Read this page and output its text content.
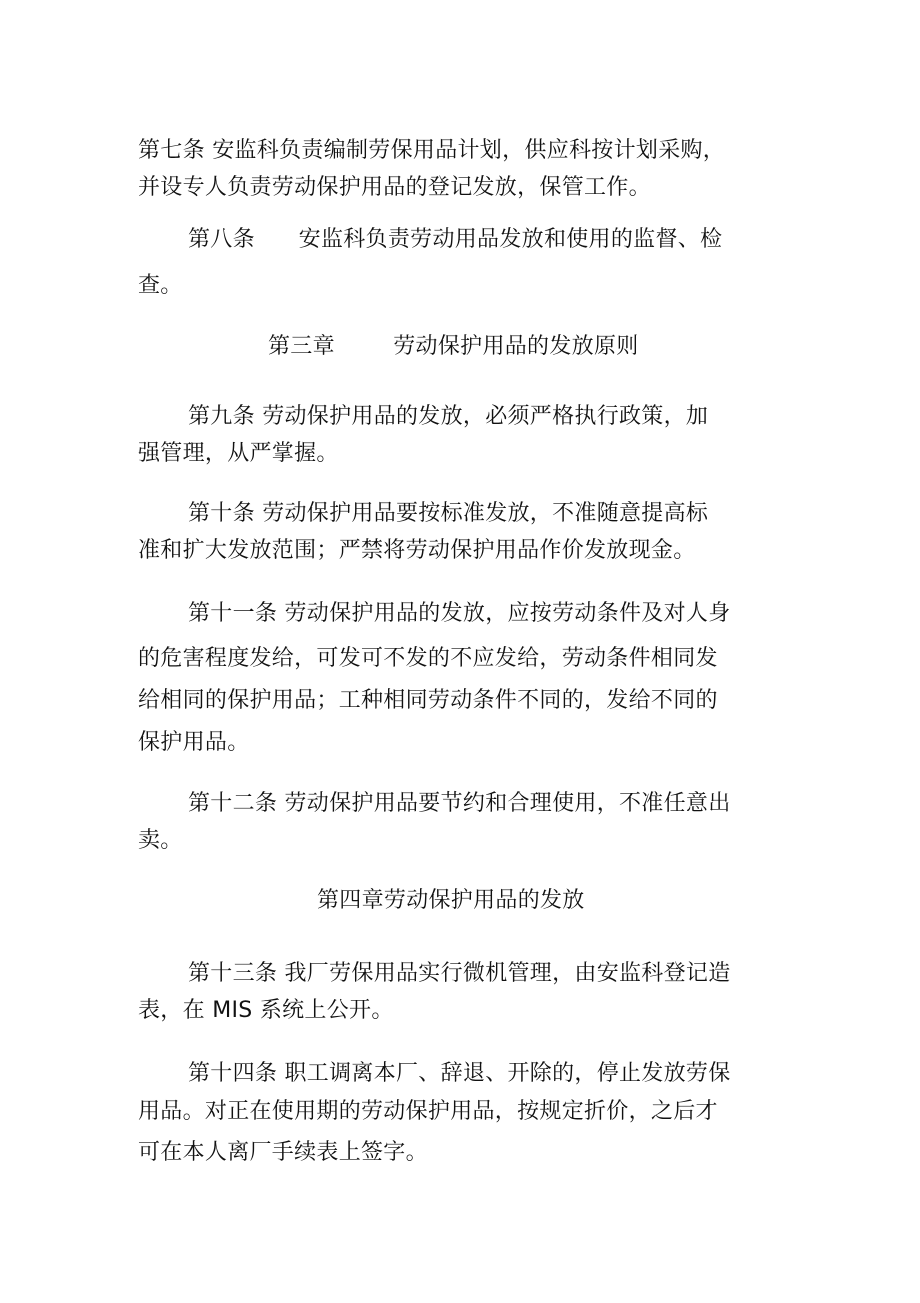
第七条 安监科负责编制劳保用品计划，供应科按计划采购，

并设专人负责劳动保护用品的登记发放，保管工作。

第八条      安监科负责劳动用品发放和使用的监督、检

查。

第三章        劳动保护用品的发放原则

第九条 劳动保护用品的发放，必须严格执行政策，加

强管理，从严掌握。

第十条 劳动保护用品要按标准发放，不准随意提高标

准和扩大发放范围；严禁将劳动保护用品作价发放现金。

第十一条 劳动保护用品的发放，应按劳动条件及对人身

的危害程度发给，可发可不发的不应发给，劳动条件相同发

给相同的保护用品；工种相同劳动条件不同的，发给不同的

保护用品。

第十二条 劳动保护用品要节约和合理使用，不准任意出

卖。

第四章劳动保护用品的发放

第十三条 我厂劳保用品实行微机管理，由安监科登记造

表，在 MIS 系统上公开。

第十四条 职工调离本厂、辞退、开除的，停止发放劳保

用品。对正在使用期的劳动保护用品，按规定折价，之后才

可在本人离厂手续表上签字。
